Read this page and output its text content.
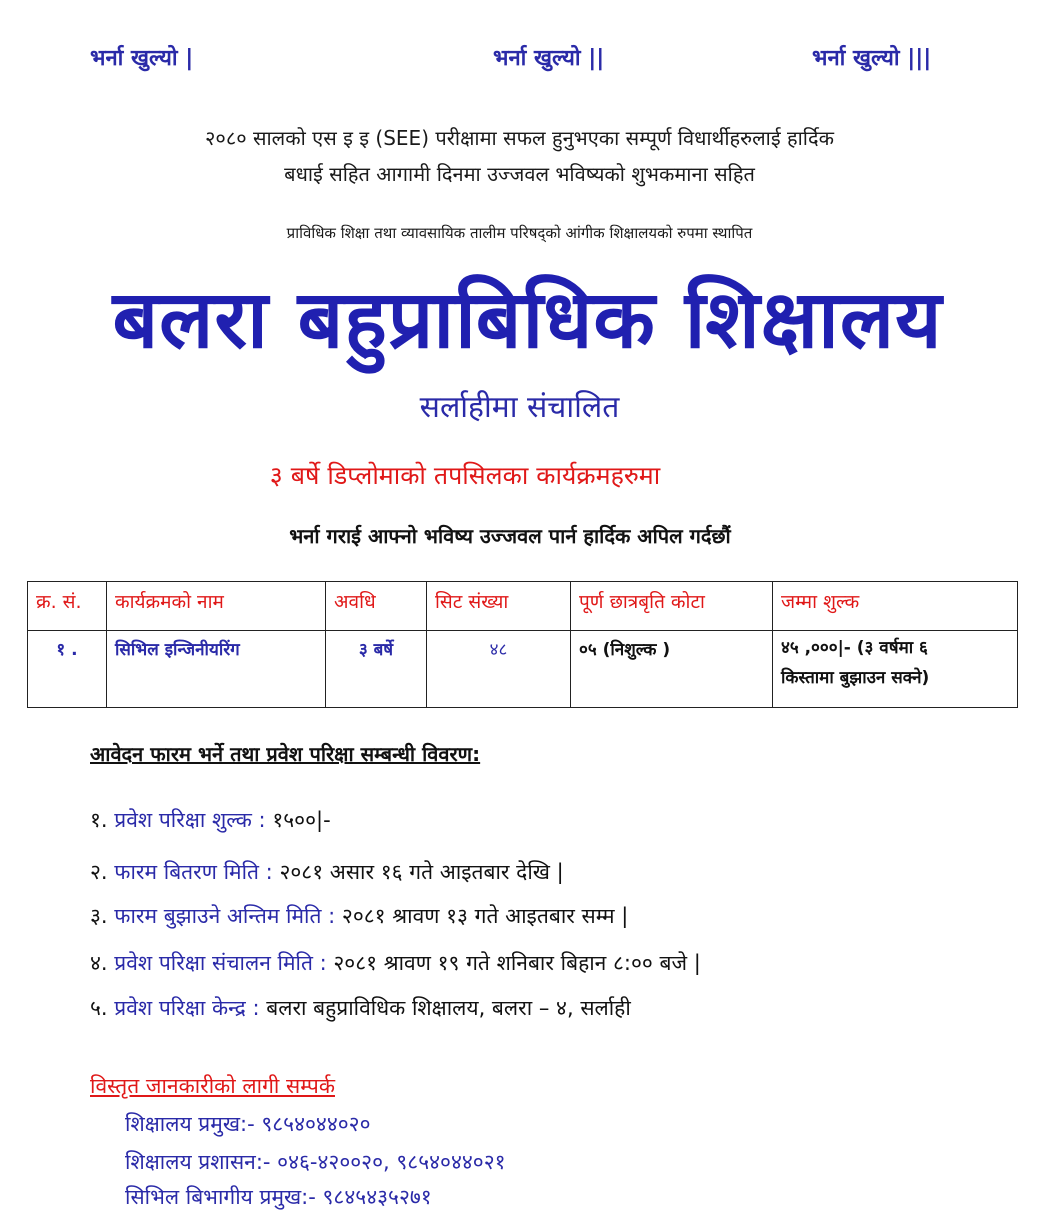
भर्ना खुल्यो |	भर्ना खुल्यो ||	भर्ना खुल्यो |||
२०८० सालको एस इ इ (SEE) परीक्षामा सफल हुनुभएका सम्पूर्ण विधार्थीहरुलाई हार्दिक
बधाई सहित आगामी दिनमा उज्जवल भविष्यको शुभकमाना सहित
प्राविधिक शिक्षा तथा व्यावसायिक तालीम परिषद्को आंगीक शिक्षालयको रुपमा स्थापित
बलरा बहुप्राबिधिक शिक्षालय
सर्लाहीमा संचालित
३ बर्षे डिप्लोमाको तपसिलका कार्यक्रमहरुमा
भर्ना गराई आफ्नो भविष्य उज्जवल पार्न हार्दिक अपिल गर्दछौं
क्र. सं.	कार्यक्रमको नाम	अवधि	सिट संख्या	पूर्ण छात्रबृति कोटा	जम्मा शुल्क
१ .	सिभिल इन्जिनीयरिंग	३ बर्षे	४८	०५ (निशुल्क )	४५ ,०००|- (३ वर्षमा ६
किस्तामा बुझाउन सक्ने)
आवेदन फारम भर्ने तथा प्रवेश परिक्षा सम्बन्धी विवरण:
१. प्रवेश परिक्षा शुल्क : १५००|-
२. फारम बितरण मिति : २०८१ असार १६ गते आइतबार देखि |
३. फारम बुझाउने अन्तिम मिति : २०८१ श्रावण १३ गते आइतबार सम्म |
४. प्रवेश परिक्षा संचालन मिति : २०८१ श्रावण १९ गते शनिबार बिहान ८:०० बजे |
५. प्रवेश परिक्षा केन्द्र : बलरा बहुप्राविधिक शिक्षालय, बलरा – ४, सर्लाही
विस्तृत जानकारीको लागी सम्पर्क
शिक्षालय प्रमुख:- ९८५४०४४०२०
शिक्षालय प्रशासन:- ०४६-४२००२०, ९८५४०४४०२१
सिभिल बिभागीय प्रमुख:- ९८४५४३५२७१
